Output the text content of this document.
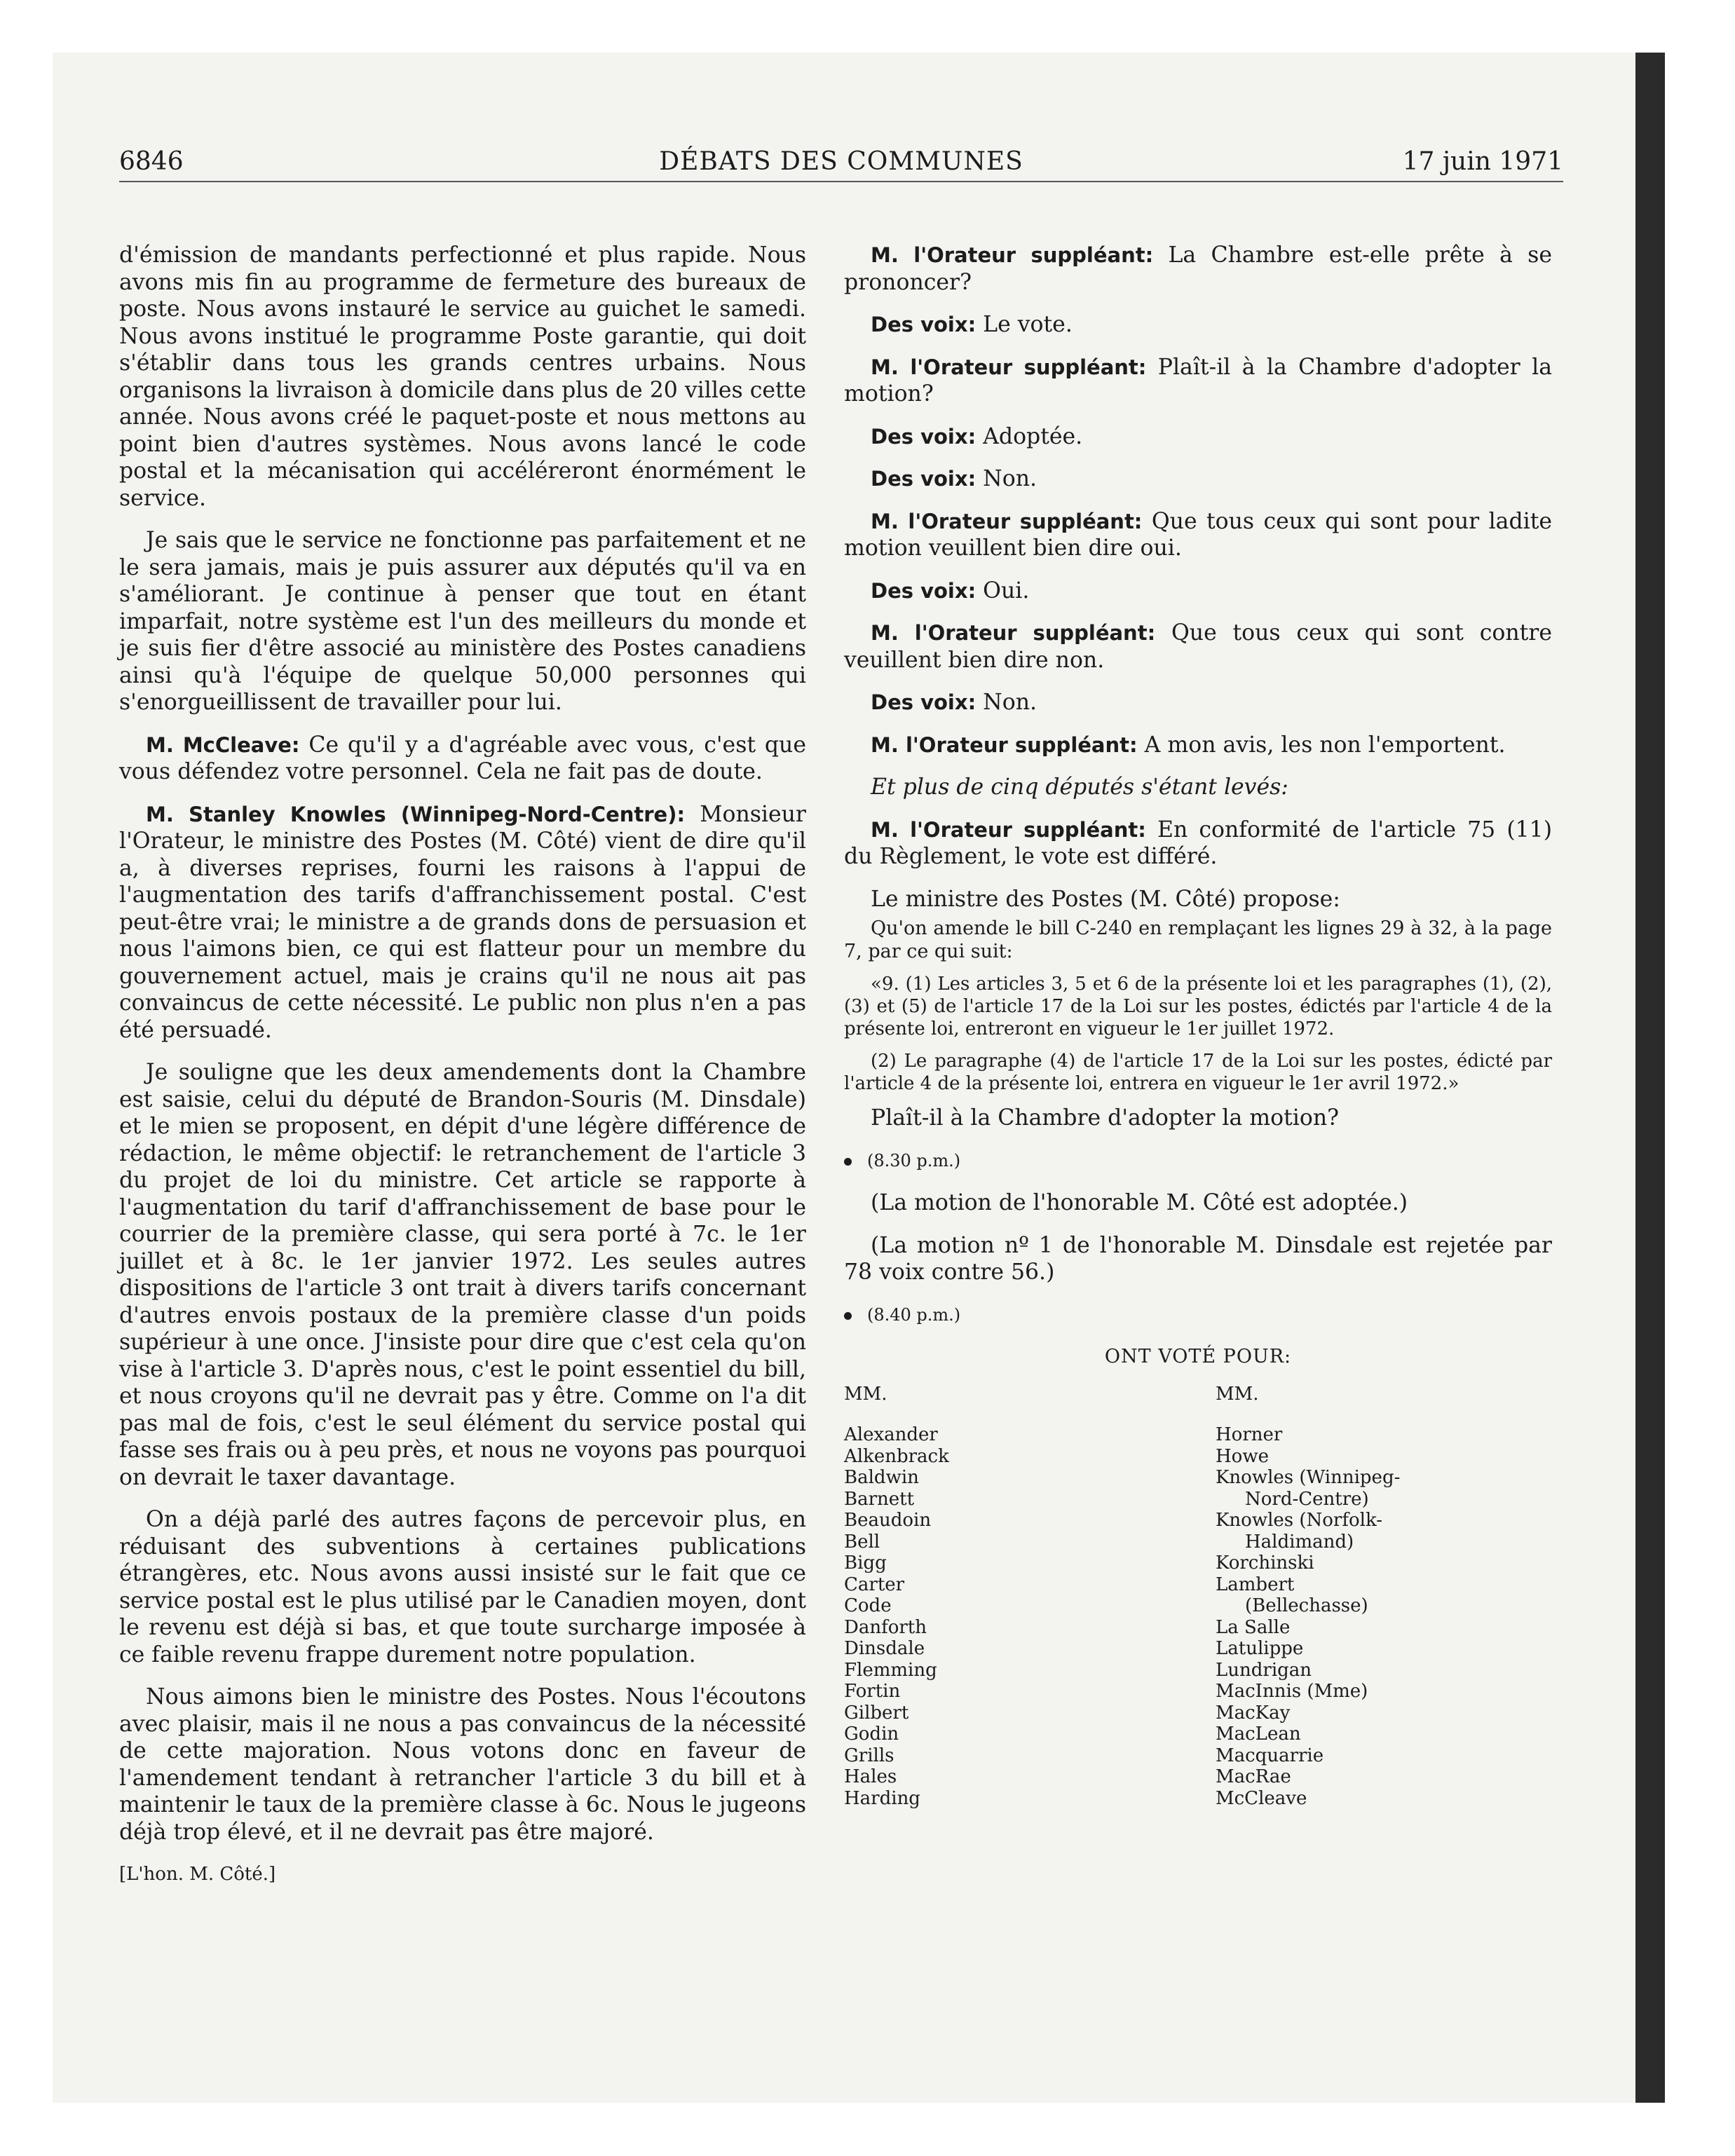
6846	DÉBATS DES COMMUNES	17 juin 1971

d'émission de mandants perfectionné et plus rapide. Nous avons mis fin au programme de fermeture des bureaux de poste. Nous avons instauré le service au guichet le samedi. Nous avons institué le programme Poste garantie, qui doit s'établir dans tous les grands centres urbains. Nous organisons la livraison à domicile dans plus de 20 villes cette année. Nous avons créé le paquet-poste et nous mettons au point bien d'autres systèmes. Nous avons lancé le code postal et la mécanisation qui accéléreront énormément le service.

Je sais que le service ne fonctionne pas parfaitement et ne le sera jamais, mais je puis assurer aux députés qu'il va en s'améliorant. Je continue à penser que tout en étant imparfait, notre système est l'un des meilleurs du monde et je suis fier d'être associé au ministère des Postes canadiens ainsi qu'à l'équipe de quelque 50,000 personnes qui s'enorgueillissent de travailler pour lui.

M. McCleave: Ce qu'il y a d'agréable avec vous, c'est que vous défendez votre personnel. Cela ne fait pas de doute.

M. Stanley Knowles (Winnipeg-Nord-Centre): Monsieur l'Orateur, le ministre des Postes (M. Côté) vient de dire qu'il a, à diverses reprises, fourni les raisons à l'appui de l'augmentation des tarifs d'affranchissement postal. C'est peut-être vrai; le ministre a de grands dons de persuasion et nous l'aimons bien, ce qui est flatteur pour un membre du gouvernement actuel, mais je crains qu'il ne nous ait pas convaincus de cette nécessité. Le public non plus n'en a pas été persuadé.

Je souligne que les deux amendements dont la Chambre est saisie, celui du député de Brandon-Souris (M. Dinsdale) et le mien se proposent, en dépit d'une légère différence de rédaction, le même objectif: le retranchement de l'article 3 du projet de loi du ministre. Cet article se rapporte à l'augmentation du tarif d'affranchissement de base pour le courrier de la première classe, qui sera porté à 7c. le 1er juillet et à 8c. le 1er janvier 1972. Les seules autres dispositions de l'article 3 ont trait à divers tarifs concernant d'autres envois postaux de la première classe d'un poids supérieur à une once. J'insiste pour dire que c'est cela qu'on vise à l'article 3. D'après nous, c'est le point essentiel du bill, et nous croyons qu'il ne devrait pas y être. Comme on l'a dit pas mal de fois, c'est le seul élément du service postal qui fasse ses frais ou à peu près, et nous ne voyons pas pourquoi on devrait le taxer davantage.

On a déjà parlé des autres façons de percevoir plus, en réduisant des subventions à certaines publications étrangères, etc. Nous avons aussi insisté sur le fait que ce service postal est le plus utilisé par le Canadien moyen, dont le revenu est déjà si bas, et que toute surcharge imposée à ce faible revenu frappe durement notre population.

Nous aimons bien le ministre des Postes. Nous l'écoutons avec plaisir, mais il ne nous a pas convaincus de la nécessité de cette majoration. Nous votons donc en faveur de l'amendement tendant à retrancher l'article 3 du bill et à maintenir le taux de la première classe à 6c. Nous le jugeons déjà trop élevé, et il ne devrait pas être majoré.

[L'hon. M. Côté.]

M. l'Orateur suppléant: La Chambre est-elle prête à se prononcer?

Des voix: Le vote.

M. l'Orateur suppléant: Plaît-il à la Chambre d'adopter la motion?

Des voix: Adoptée.

Des voix: Non.

M. l'Orateur suppléant: Que tous ceux qui sont pour ladite motion veuillent bien dire oui.

Des voix: Oui.

M. l'Orateur suppléant: Que tous ceux qui sont contre veuillent bien dire non.

Des voix: Non.

M. l'Orateur suppléant: A mon avis, les non l'emportent.

Et plus de cinq députés s'étant levés:

M. l'Orateur suppléant: En conformité de l'article 75 (11) du Règlement, le vote est différé.

Le ministre des Postes (M. Côté) propose:

Qu'on amende le bill C-240 en remplaçant les lignes 29 à 32, à la page 7, par ce qui suit:

«9. (1) Les articles 3, 5 et 6 de la présente loi et les paragraphes (1), (2), (3) et (5) de l'article 17 de la Loi sur les postes, édictés par l'article 4 de la présente loi, entreront en vigueur le 1er juillet 1972.

(2) Le paragraphe (4) de l'article 17 de la Loi sur les postes, édicté par l'article 4 de la présente loi, entrera en vigueur le 1er avril 1972.»

Plaît-il à la Chambre d'adopter la motion?

(8.30 p.m.)

(La motion de l'honorable M. Côté est adoptée.)

(La motion nº 1 de l'honorable M. Dinsdale est rejetée par 78 voix contre 56.)

(8.40 p.m.)
ONT VOTÉ POUR:
MM.
Alexander
Alkenbrack
Baldwin
Barnett
Beaudoin
Bell
Bigg
Carter
Code
Danforth
Dinsdale
Flemming
Fortin
Gilbert
Godin
Grills
Hales
Harding
MM.
Horner
Howe
Knowles (Winnipeg-
Nord-Centre)
Knowles (Norfolk-
Haldimand)
Korchinski
Lambert
(Bellechasse)
La Salle
Latulippe
Lundrigan
MacInnis (Mme)
MacKay
MacLean
Macquarrie
MacRae
McCleave
